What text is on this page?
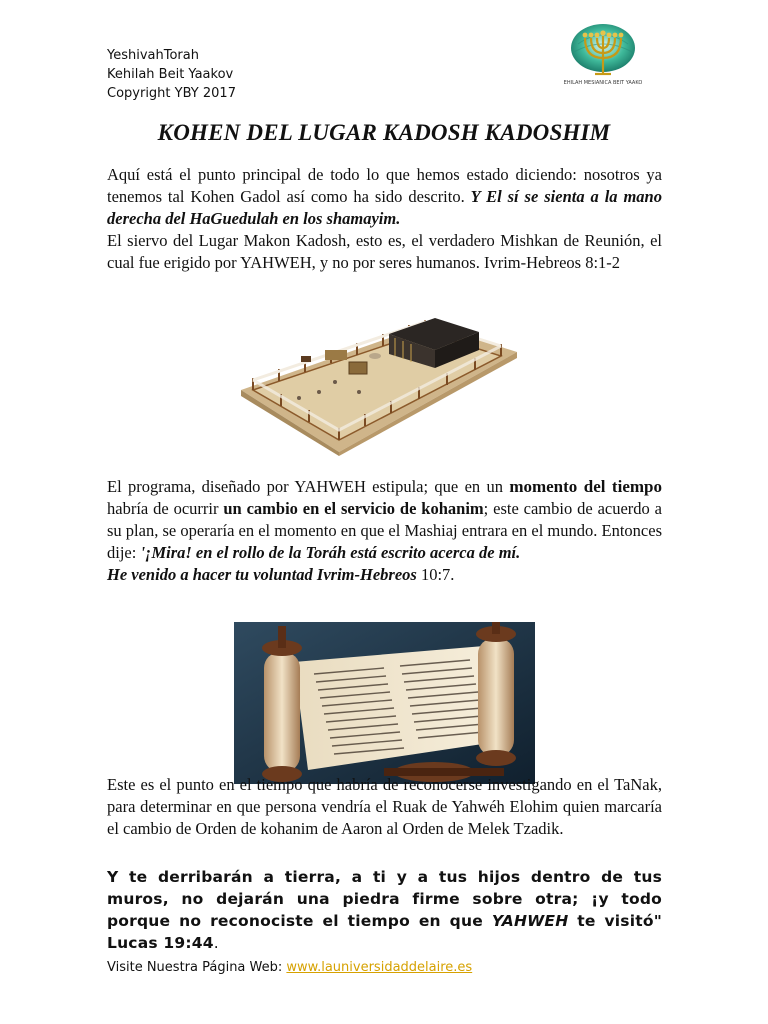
YeshivahTorah
Kehilah Beit Yaakov
Copyright YBY 2017
KEHILAH MESIANICA BEIT YAAKOV
KOHEN DEL LUGAR KADOSH KADOSHIM
Aquí está el punto principal de todo lo que hemos estado diciendo: nosotros ya tenemos tal Kohen Gadol así como ha sido descrito. Y El sí se sienta a la mano derecha del HaGuedulah en los shamayim.
El siervo del Lugar Makon Kadosh, esto es, el verdadero Mishkan de Reunión, el cual fue erigido por YAHWEH, y no por seres humanos. Ivrim-Hebreos 8:1-2
El programa, diseñado por YAHWEH estipula; que en un momento del tiempo habría de ocurrir un cambio en el servicio de kohanim; este cambio de acuerdo a su plan, se operaría en el momento en que el Mashiaj entrara en el mundo. Entonces dije: '¡Mira! en el rollo de la Toráh está escrito acerca de mí.
He venido a hacer tu voluntad Ivrim-Hebreos 10:7.
Este es el punto en el tiempo que habría de reconocerse investigando en el TaNak, para determinar en que persona vendría el Ruak de Yahwéh Elohim quien marcaría el cambio de Orden de kohanim de Aaron al Orden de Melek Tzadik.
Y te derribarán a tierra, a ti y a tus hijos dentro de tus muros, no dejarán una piedra firme sobre otra; ¡y todo porque no reconociste el tiempo en que YAHWEH te visitó" Lucas 19:44.
Visite Nuestra Página Web: www.launiversidaddelaire.es
